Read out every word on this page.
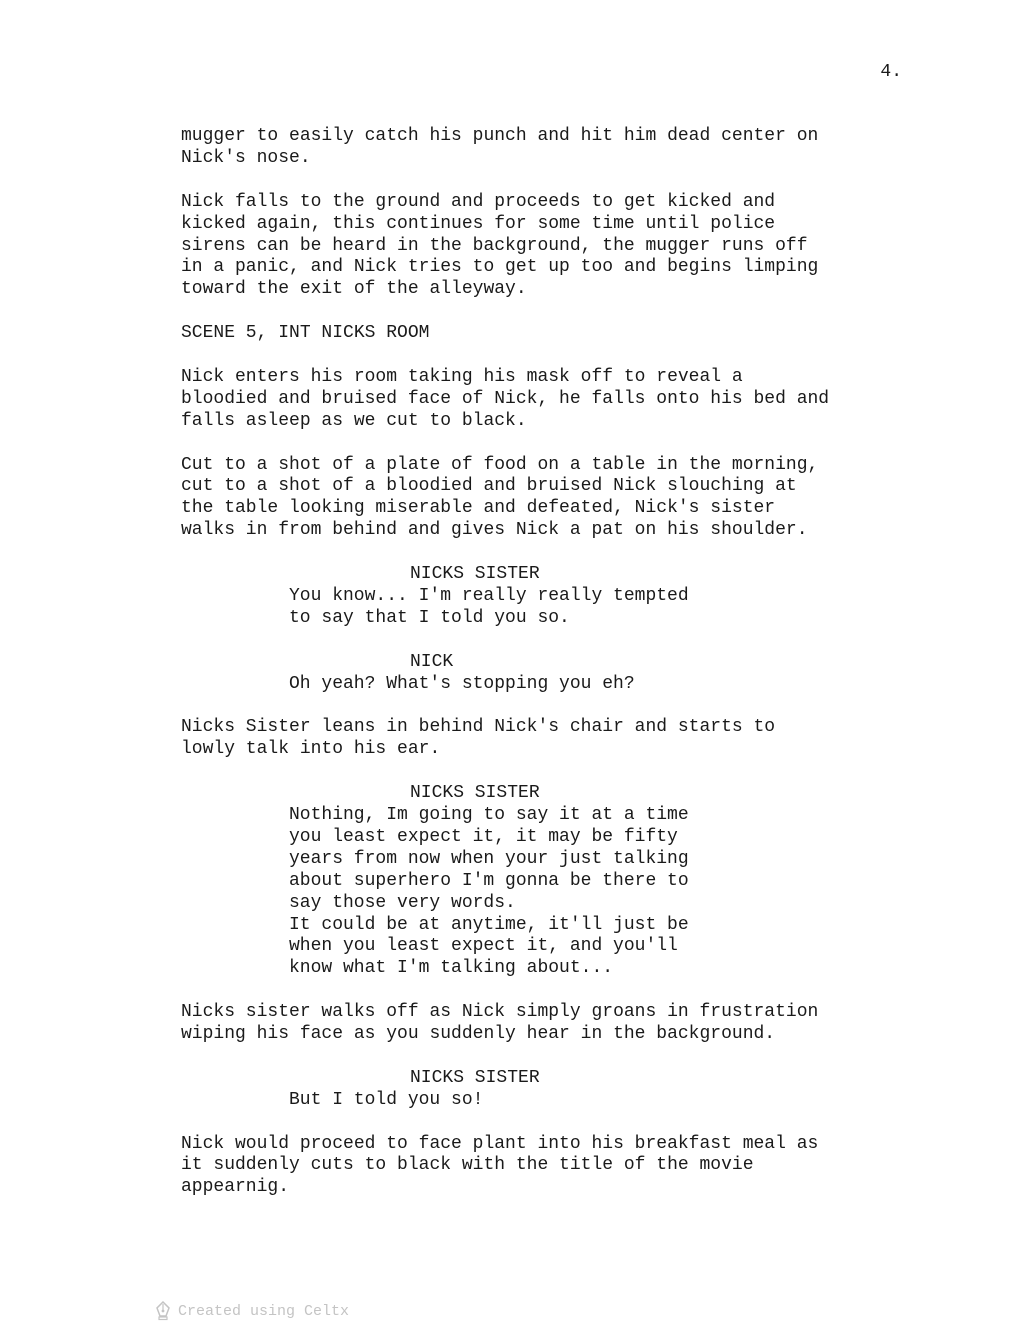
4.

mugger to easily catch his punch and hit him dead center on
Nick's nose.

Nick falls to the ground and proceeds to get kicked and
kicked again, this continues for some time until police
sirens can be heard in the background, the mugger runs off
in a panic, and Nick tries to get up too and begins limping
toward the exit of the alleyway.

SCENE 5, INT NICKS ROOM

Nick enters his room taking his mask off to reveal a
bloodied and bruised face of Nick, he falls onto his bed and
falls asleep as we cut to black.

Cut to a shot of a plate of food on a table in the morning,
cut to a shot of a bloodied and bruised Nick slouching at
the table looking miserable and defeated, Nick's sister
walks in from behind and gives Nick a pat on his shoulder.

NICKS SISTER
You know... I'm really really tempted
to say that I told you so.
NICK
Oh yeah? What's stopping you eh?

Nicks Sister leans in behind Nick's chair and starts to
lowly talk into his ear.

NICKS SISTER
Nothing, Im going to say it at a time
you least expect it, it may be fifty
years from now when your just talking
about superhero I'm gonna be there to
say those very words.
It could be at anytime, it'll just be
when you least expect it, and you'll
know what I'm talking about...

Nicks sister walks off as Nick simply groans in frustration
wiping his face as you suddenly hear in the background.

NICKS SISTER
But I told you so!

Nick would proceed to face plant into his breakfast meal as
it suddenly cuts to black with the title of the movie
appearnig.

Created using Celtx
